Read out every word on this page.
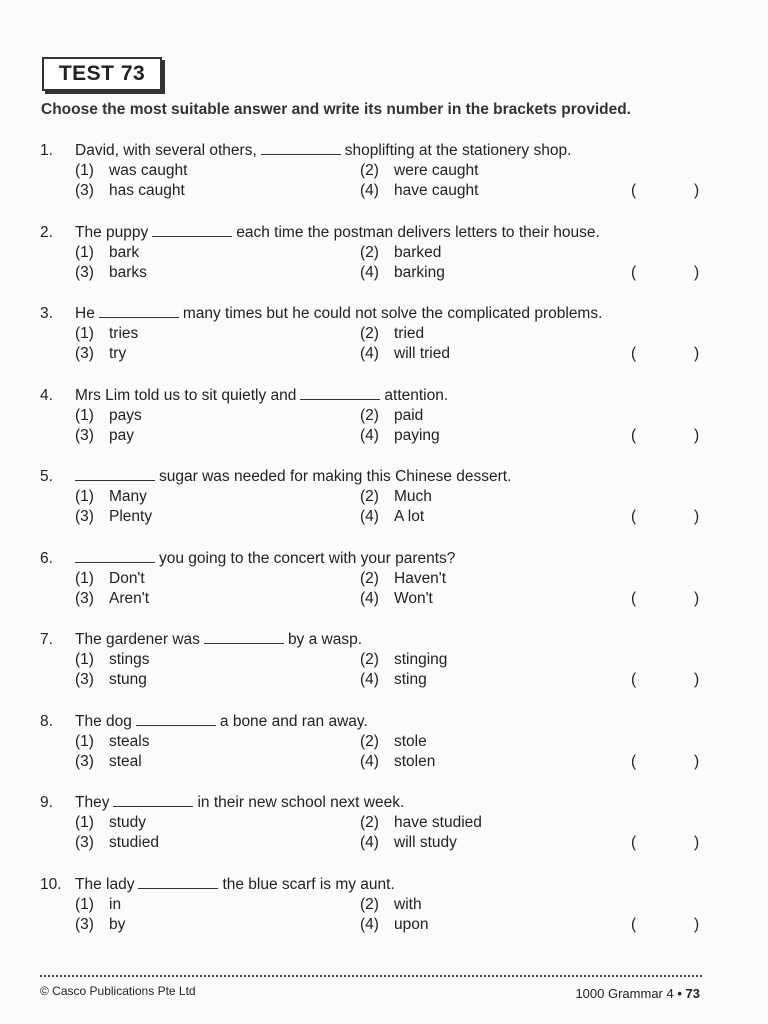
TEST 73
Choose the most suitable answer and write its number in the brackets provided.
1. David, with several others,	shoplifting at the stationery shop.
(1) was caught	(2) were caught
(3) has caught	(4) have caught	(	)
2. The puppy	each time the postman delivers letters to their house.
(1) bark	(2) barked
(3) barks	(4) barking	(	)
3. He	many times but he could not solve the complicated problems.
(1) tries	(2) tried
(3) try	(4) will tried	(	)
4. Mrs Lim told us to sit quietly and	attention.
(1) pays	(2) paid
(3) pay	(4) paying	(	)
5.	sugar was needed for making this Chinese dessert.
(1) Many	(2) Much
(3) Plenty	(4) A lot	(	)
6.	you going to the concert with your parents?
(1) Don't	(2) Haven't
(3) Aren't	(4) Won't	(	)
7. The gardener was	by a wasp.
(1) stings	(2) stinging
(3) stung	(4) sting	(	)
8. The dog	a bone and ran away.
(1) steals	(2) stole
(3) steal	(4) stolen	(	)
9. They	in their new school next week.
(1) study	(2) have studied
(3) studied	(4) will study	(	)
10. The lady	the blue scarf is my aunt.
(1) in	(2) with
(3) by	(4) upon	(	)
© Casco Publications Pte Ltd	1000 Grammar 4 • 73
